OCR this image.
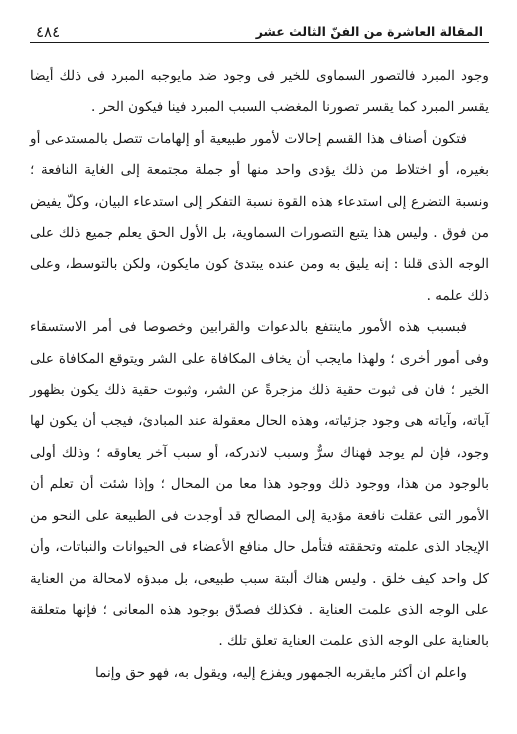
المقالة العاشرة من الفنّ الثالث عشر
٤٨٤

وجود المبرد فالتصور السماوى للخير فى وجود ضد مايوجبه المبرد فى ذلك أيضا يقسر المبرد كما يقسر تصورنا المغضب السبب المبرد فينا فيكون الحر .

فتكون أصناف هذا القسم إحالات لأمور طبيعية أو إلهامات تتصل بالمستدعى أو بغيره، أو اختلاط من ذلك يؤدى واحد منها أو جملة مجتمعة إلى الغاية النافعة ؛ ونسبة التضرع إلى استدعاء هذه القوة نسبة التفكر إلى استدعاء البيان، وكلّ يفيض من فوق . وليس هذا يتبع التصورات السماوية، بل الأول الحق يعلم جميع ذلك على الوجه الذى قلنا : إنه يليق به ومن عنده يبتدئ كون مايكون، ولكن بالتوسط، وعلى ذلك علمه .

فبسبب هذه الأمور ماينتفع بالدعوات والقرابين وخصوصا فى أمر الاستسقاء وفى أمور أخرى ؛ ولهذا مايجب أن يخاف المكافاة على الشر ويتوقع المكافاة على الخير ؛ فان فى ثبوت حقية ذلك مزجرةً عن الشر، وثبوت حقية ذلك يكون بظهور آياته، وآياته هى وجود جزئياته، وهذه الحال معقولة عند المبادئ، فيجب أن يكون لها وجود، فإن لم يوجد فهناك سرٌّ وسبب لاندركه، أو سبب آخر يعاوقه ؛ وذلك أولى بالوجود من هذا، ووجود ذلك ووجود هذا معا من المحال ؛ وإذا شئت أن تعلم أن الأمور التى عقلت نافعة مؤدية إلى المصالح قد أوجدت فى الطبيعة على النحو من الإيجاد الذى علمته وتحققته فتأمل حال منافع الأعضاء فى الحيوانات والنباتات، وأن كل واحد كيف خلق . وليس هناك ألبتة سبب طبيعى، بل مبدؤه لامحالة من العناية على الوجه الذى علمت العناية . فكذلك فصدّق بوجود هذه المعانى ؛ فإنها متعلقة بالعناية على الوجه الذى علمت العناية تعلق تلك .

واعلم ان أكثر مايقربه الجمهور ويفزع إليه، ويقول به، فهو حق وإنما
